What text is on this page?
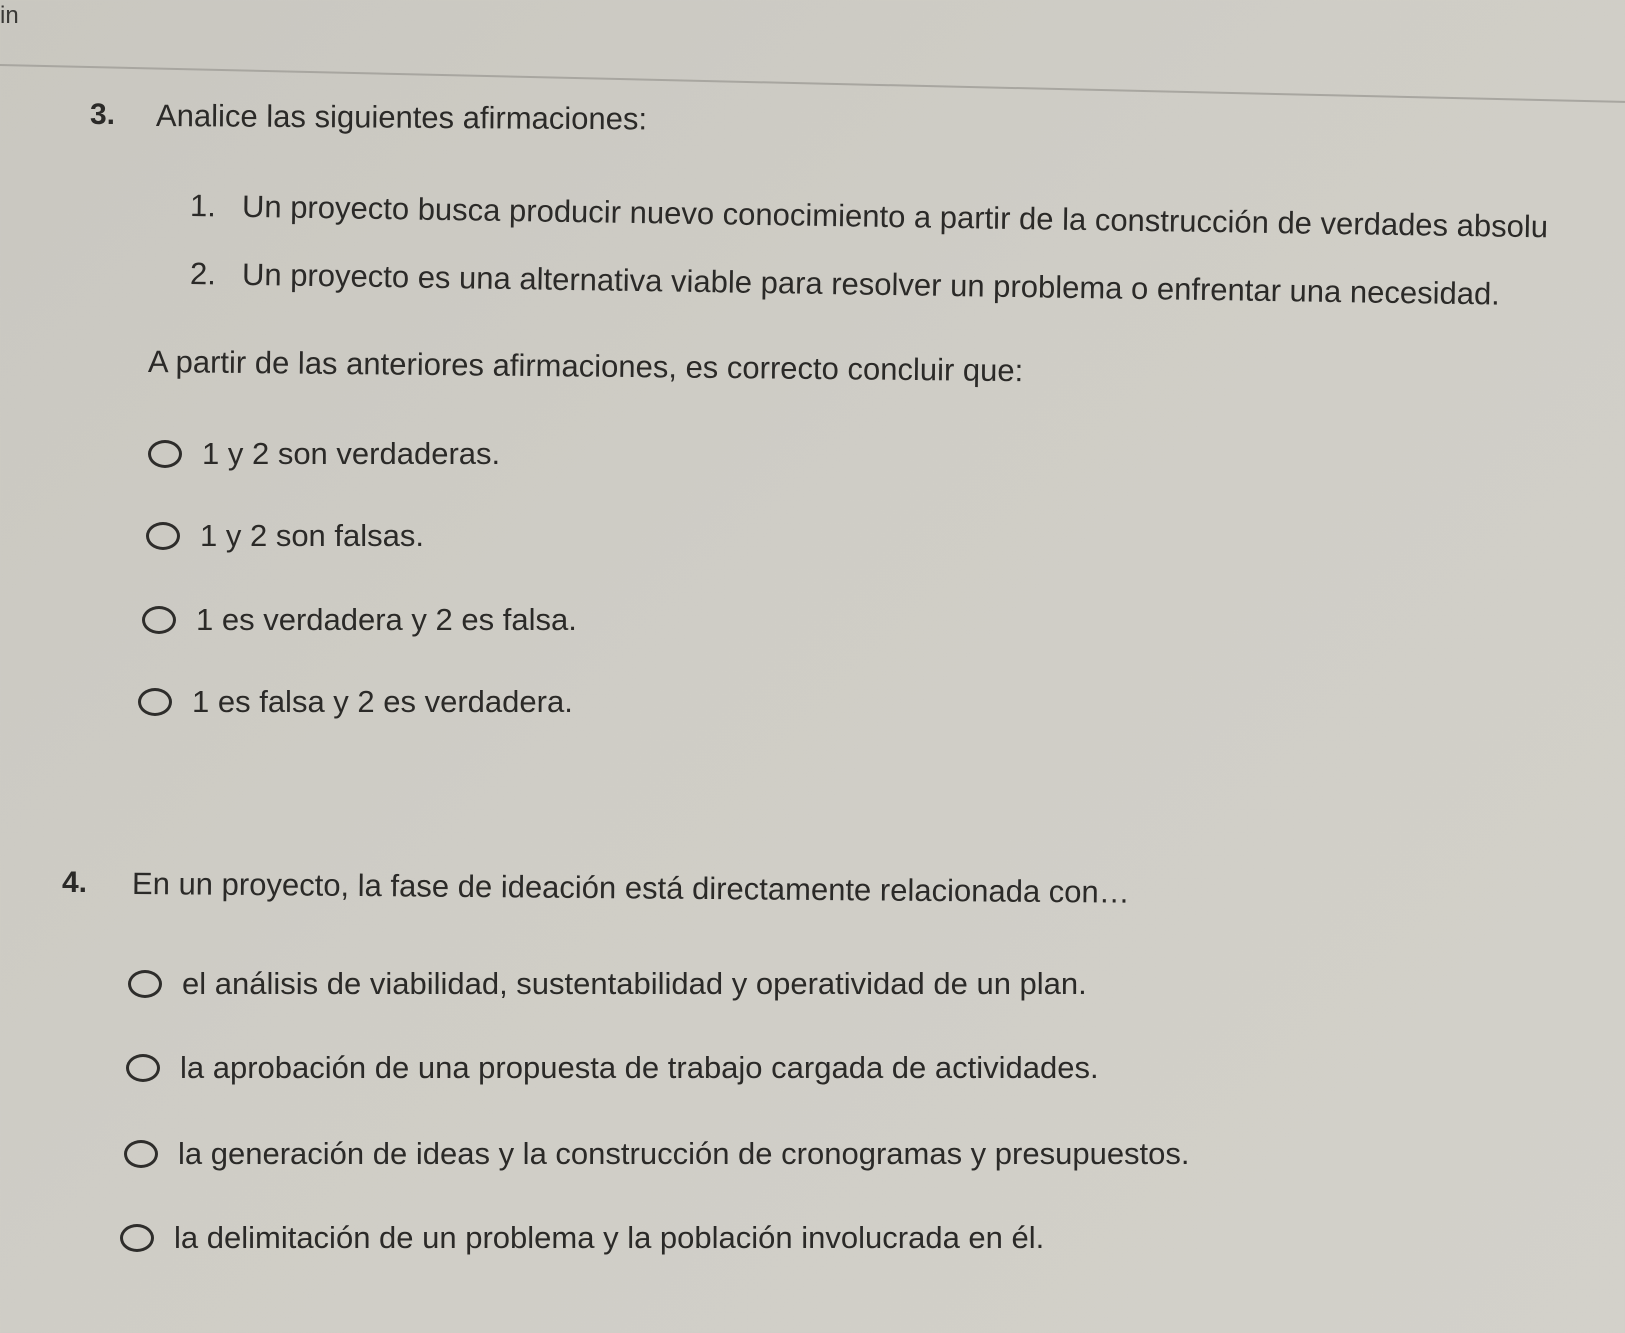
in
3. Analice las siguientes afirmaciones:
1. Un proyecto busca producir nuevo conocimiento a partir de la construcción de verdades absolu
2. Un proyecto es una alternativa viable para resolver un problema o enfrentar una necesidad.
A partir de las anteriores afirmaciones, es correcto concluir que:
1 y 2 son verdaderas.
1 y 2 son falsas.
1 es verdadera y 2 es falsa.
1 es falsa y 2 es verdadera.
4. En un proyecto, la fase de ideación está directamente relacionada con…
el análisis de viabilidad, sustentabilidad y operatividad de un plan.
la aprobación de una propuesta de trabajo cargada de actividades.
la generación de ideas y la construcción de cronogramas y presupuestos.
la delimitación de un problema y la población involucrada en él.
